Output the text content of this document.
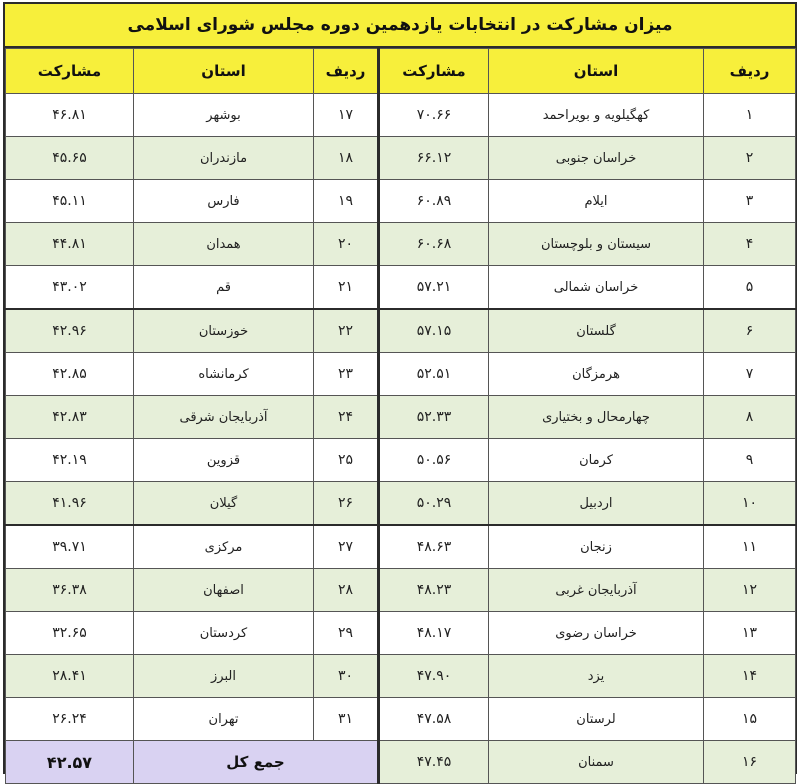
میزان مشارکت در انتخابات یازدهمین دوره مجلس شورای اسلامی
ردیف	استان	مشارکت	ردیف	استان	مشارکت
۱	کهگیلویه و بویراحمد	۷۰.۶۶	۱۷	بوشهر	۴۶.۸۱
۲	خراسان جنوبی	۶۶.۱۲	۱۸	مازندران	۴۵.۶۵
۳	ایلام	۶۰.۸۹	۱۹	فارس	۴۵.۱۱
۴	سیستان و بلوچستان	۶۰.۶۸	۲۰	همدان	۴۴.۸۱
۵	خراسان شمالی	۵۷.۲۱	۲۱	قم	۴۳.۰۲
۶	گلستان	۵۷.۱۵	۲۲	خوزستان	۴۲.۹۶
۷	هرمزگان	۵۲.۵۱	۲۳	کرمانشاه	۴۲.۸۵
۸	چهارمحال و بختیاری	۵۲.۳۳	۲۴	آذربایجان شرقی	۴۲.۸۳
۹	کرمان	۵۰.۵۶	۲۵	قزوین	۴۲.۱۹
۱۰	اردبیل	۵۰.۲۹	۲۶	گیلان	۴۱.۹۶
۱۱	زنجان	۴۸.۶۳	۲۷	مرکزی	۳۹.۷۱
۱۲	آذربایجان غربی	۴۸.۲۳	۲۸	اصفهان	۳۶.۳۸
۱۳	خراسان رضوی	۴۸.۱۷	۲۹	کردستان	۳۲.۶۵
۱۴	یزد	۴۷.۹۰	۳۰	البرز	۲۸.۴۱
۱۵	لرستان	۴۷.۵۸	۳۱	تهران	۲۶.۲۴
۱۶	سمنان	۴۷.۴۵	جمع کل		۴۲.۵۷
